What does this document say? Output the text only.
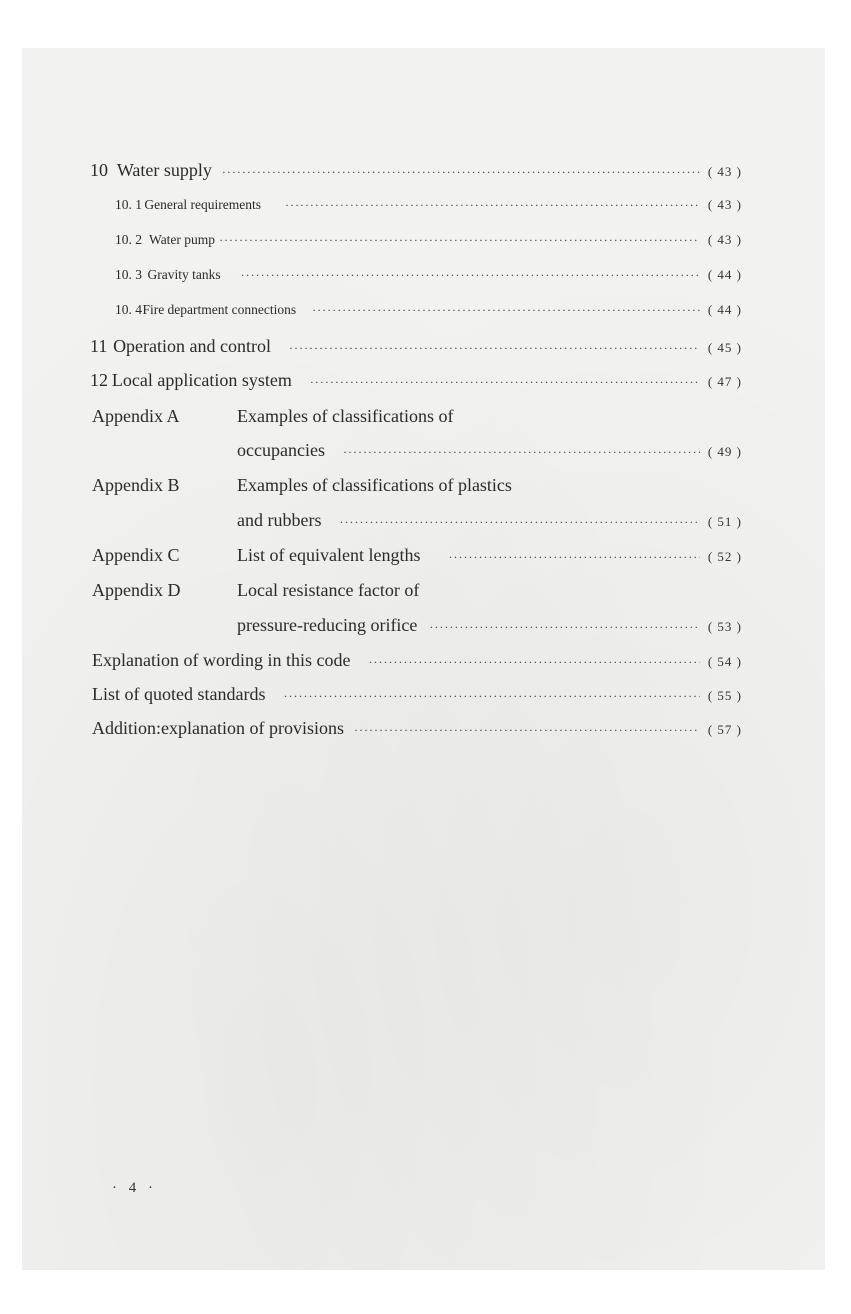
10 Water supply ·····	( 43 )
10. 1 General requirements ·····	( 43 )
10. 2 Water pump ·····	( 43 )
10. 3 Gravity tanks ·····	( 44 )
10. 4 Fire department connections ·····	( 44 )
11 Operation and control ·····	( 45 )
12 Local application system ·····	( 47 )
Appendix A	Examples of classifications of
occupancies ·····	( 49 )
Appendix B	Examples of classifications of plastics
and rubbers ·····	( 51 )
Appendix C	List of equivalent lengths ·····	( 52 )
Appendix D	Local resistance factor of
pressure-reducing orifice ·····	( 53 )
Explanation of wording in this code ·····	( 54 )
List of quoted standards ·····	( 55 )
Addition:explanation of provisions ·····	( 57 )
· 4 ·
